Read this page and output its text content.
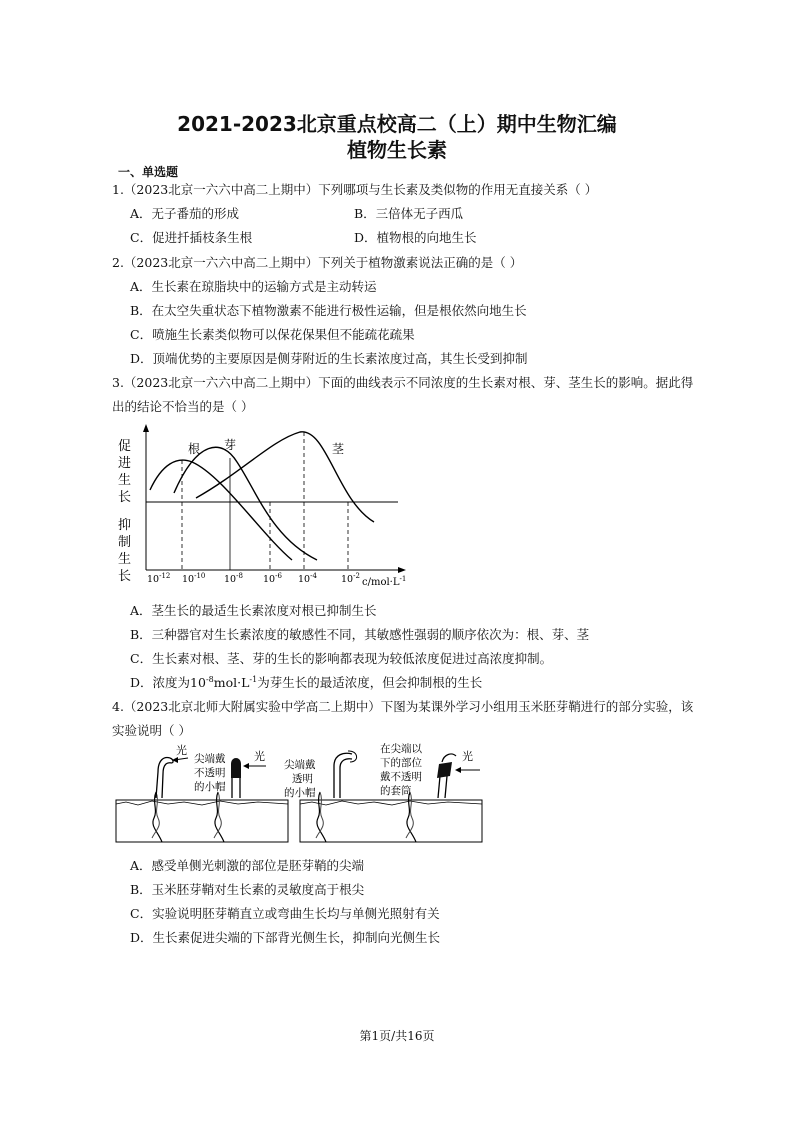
2021-2023北京重点校高二（上）期中生物汇编
植物生长素
一、单选题
1.（2023北京一六六中高二上期中）下列哪项与生长素及类似物的作用无直接关系（ ）
A．无子番茄的形成	B．三倍体无子西瓜
C．促进扦插枝条生根	D．植物根的向地生长
2.（2023北京一六六中高二上期中）下列关于植物激素说法正确的是（ ）
A．生长素在琼脂块中的运输方式是主动转运
B．在太空失重状态下植物激素不能进行极性运输，但是根依然向地生长
C．喷施生长素类似物可以保花保果但不能疏花疏果
D．顶端优势的主要原因是侧芽附近的生长素浓度过高，其生长受到抑制
3.（2023北京一六六中高二上期中）下面的曲线表示不同浓度的生长素对根、芽、茎生长的影响。据此得
出的结论不恰当的是（ ）
根 芽	茎
促
进
生
长
抑
制
生
长 $10^{-12}$ $10^{-10}$ $10^{-8}$ $10^{-6}$ $10^{-4}$	$10^{-2}$
$c/mol\cdot L^{-1}$
A．茎生长的最适生长素浓度对根已抑制生长
B．三种器官对生长素浓度的敏感性不同，其敏感性强弱的顺序依次为：根、芽、茎
C．生长素对根、茎、芽的生长的影响都表现为较低浓度促进过高浓度抑制。
D．浓度为$10^{-8}mol\cdot L^{-1}$为芽生长的最适浓度，但会抑制根的生长
4.（2023北京北师大附属实验中学高二上期中）下图为某课外学习小组用玉米胚芽鞘进行的部分实验，该
实验说明（ ）
光	光
尖端戴
不透明
的小帽
尖端戴
透明
的小帽
在尖端以
下的部位
戴不透明
的套筒
光
A．感受单侧光刺激的部位是胚芽鞘的尖端
B．玉米胚芽鞘对生长素的灵敏度高于根尖
C．实验说明胚芽鞘直立或弯曲生长均与单侧光照射有关
D．生长素促进尖端的下部背光侧生长，抑制向光侧生长
第1页/共16页
